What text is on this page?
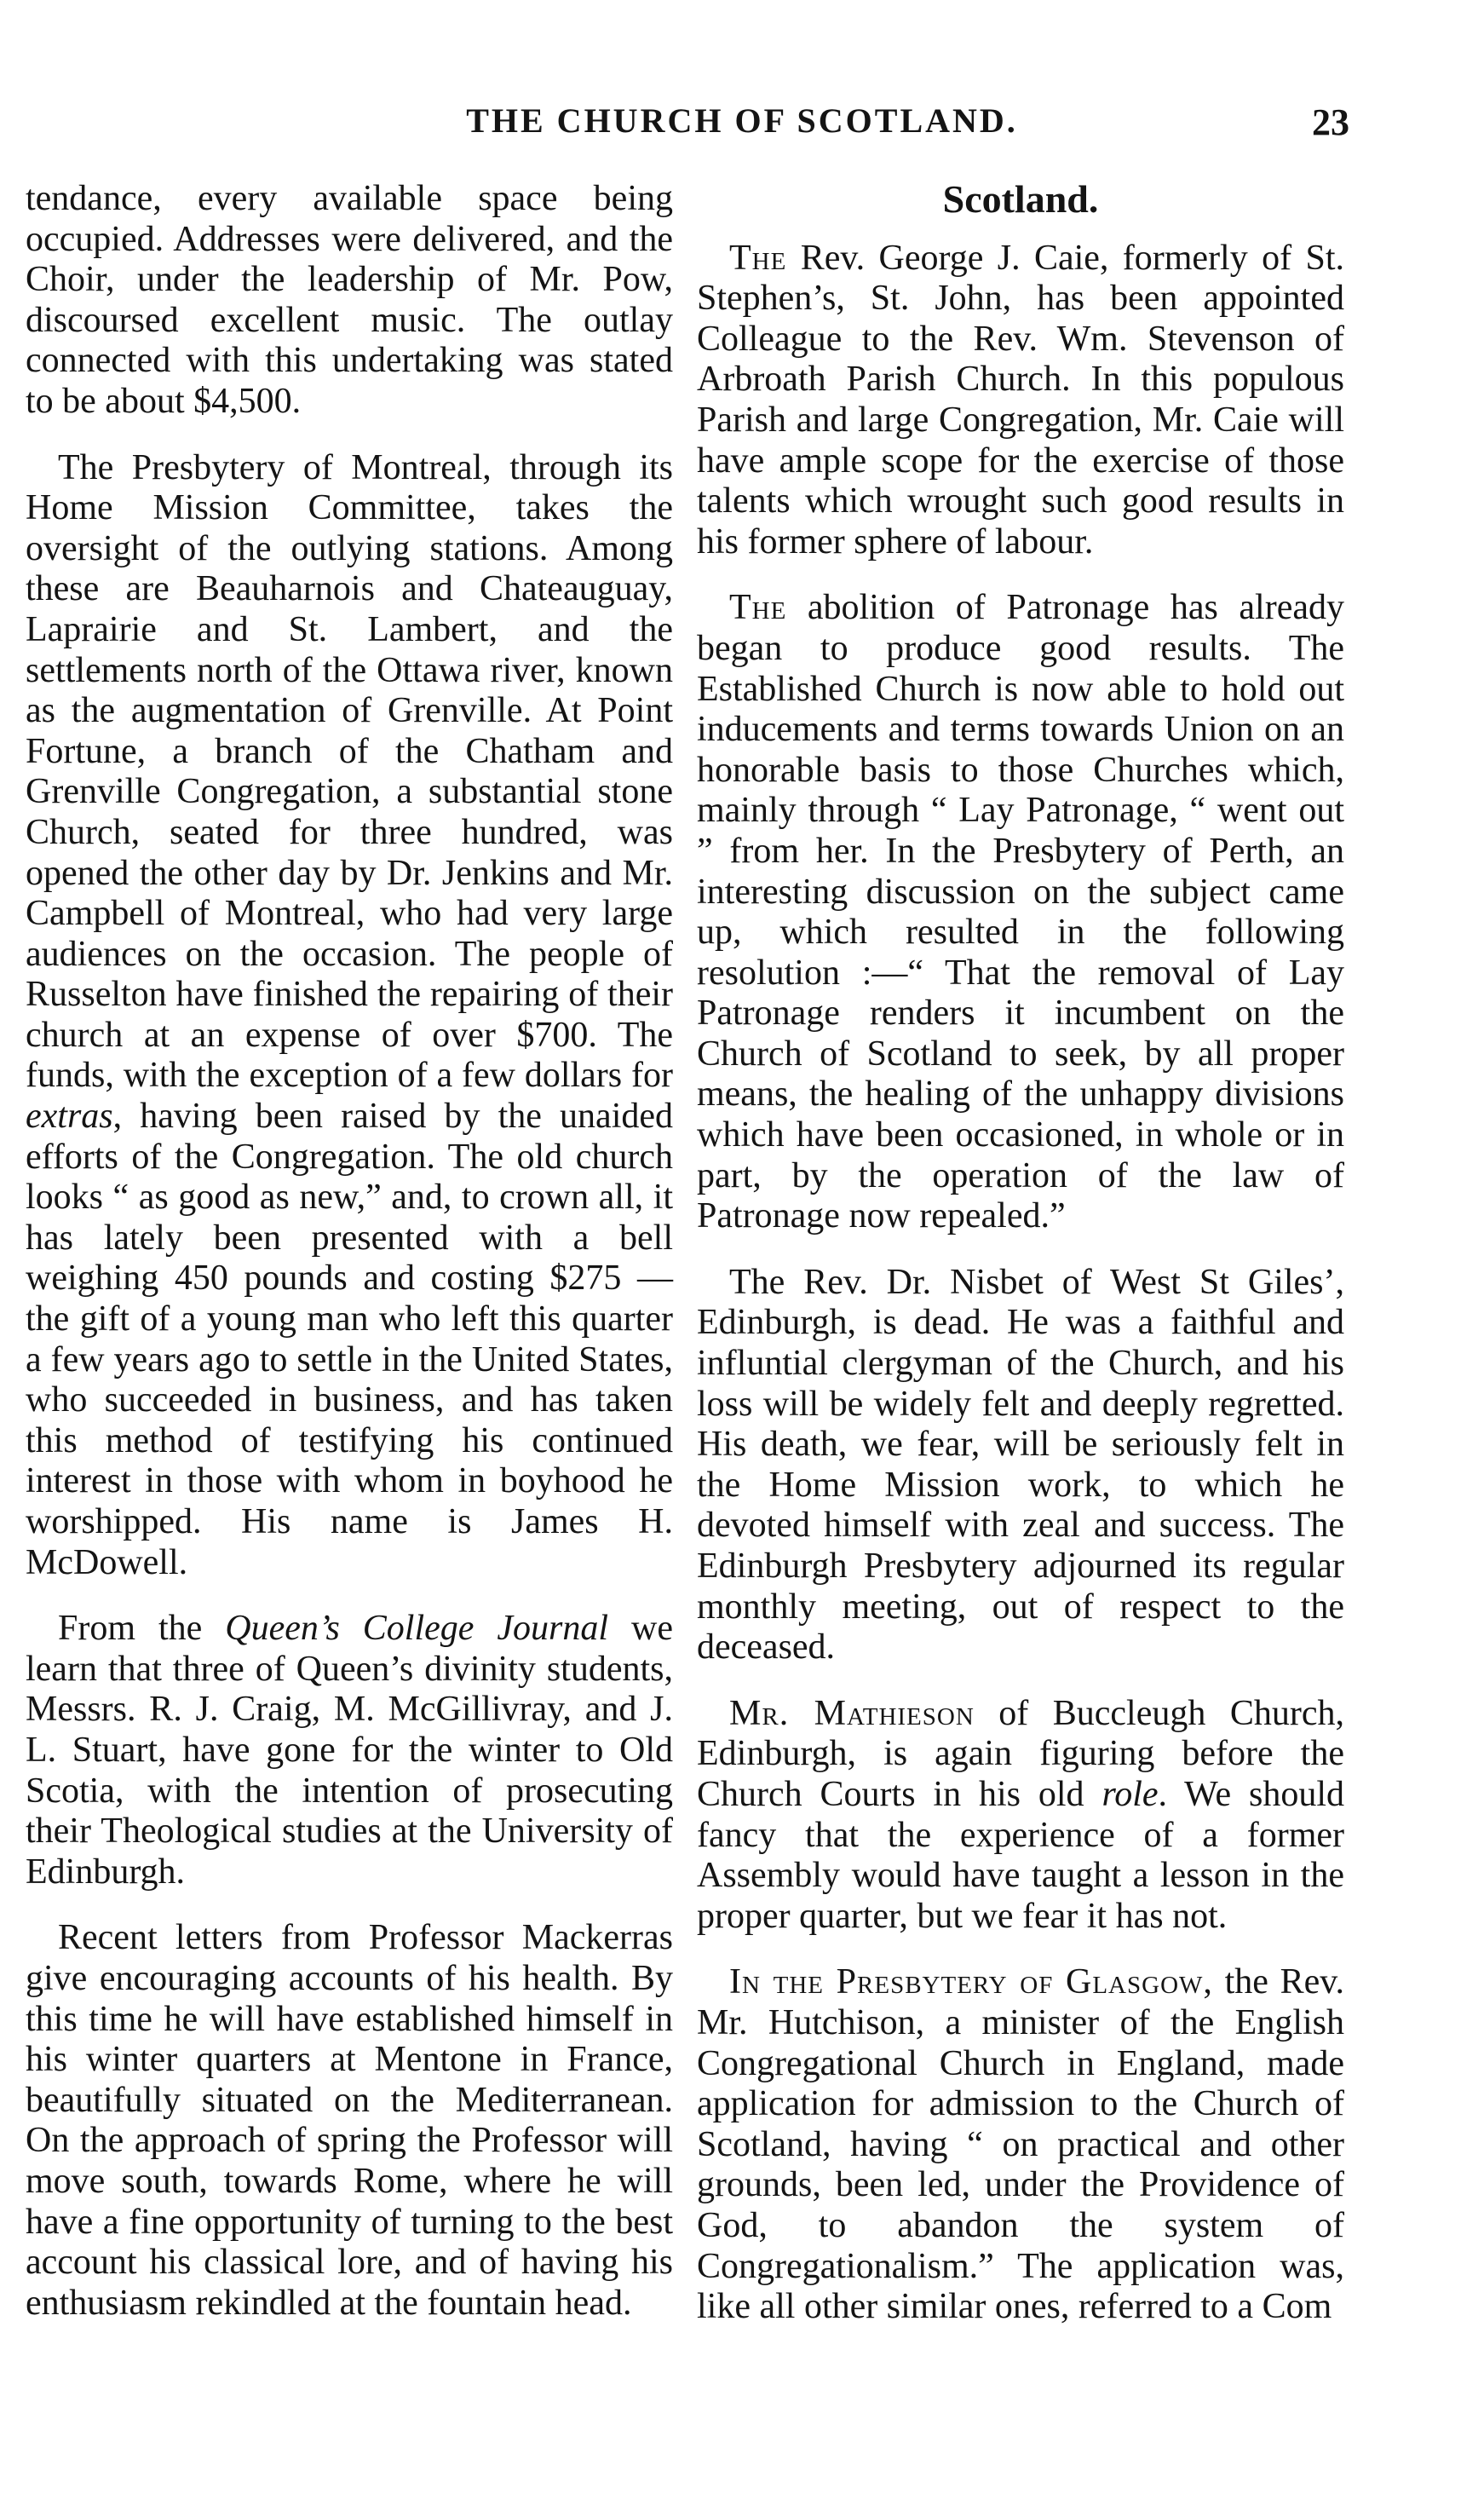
THE CHURCH OF SCOTLAND.	23

tendance, every available space being occupied. Addresses were delivered, and the Choir, under the leadership of Mr. Pow, discoursed excellent music. The outlay connected with this undertaking was stated to be about $4,500.

The Presbytery of Montreal, through its Home Mission Committee, takes the oversight of the outlying stations. Among these are Beauharnois and Chateauguay, Laprairie and St. Lambert, and the settlements north of the Ottawa river, known as the augmentation of Grenville. At Point Fortune, a branch of the Chatham and Grenville Congregation, a substantial stone Church, seated for three hundred, was opened the other day by Dr. Jenkins and Mr. Campbell of Montreal, who had very large audiences on the occasion. The people of Russelton have finished the repairing of their church at an expense of over $700. The funds, with the exception of a few dollars for extras, having been raised by the unaided efforts of the Congregation. The old church looks “ as good as new,” and, to crown all, it has lately been presented with a bell weighing 450 pounds and costing $275 —the gift of a young man who left this quarter a few years ago to settle in the United States, who succeeded in business, and has taken this method of testifying his continued interest in those with whom in boyhood he worshipped. His name is James H. McDowell.

From the Queen’s College Journal we learn that three of Queen’s divinity students, Messrs. R. J. Craig, M. McGillivray, and J. L. Stuart, have gone for the winter to Old Scotia, with the intention of prosecuting their Theological studies at the University of Edinburgh.

Recent letters from Professor Mackerras give encouraging accounts of his health. By this time he will have established himself in his winter quarters at Mentone in France, beautifully situated on the Mediterranean. On the approach of spring the Professor will move south, towards Rome, where he will have a fine opportunity of turning to the best account his classical lore, and of having his enthusiasm rekindled at the fountain head.

Scotland.

The Rev. George J. Caie, formerly of St. Stephen’s, St. John, has been appointed Colleague to the Rev. Wm. Stevenson of Arbroath Parish Church. In this populous Parish and large Congregation, Mr. Caie will have ample scope for the exercise of those talents which wrought such good results in his former sphere of labour.

The abolition of Patronage has already began to produce good results. The Established Church is now able to hold out inducements and terms towards Union on an honorable basis to those Churches which, mainly through “ Lay Patronage, “ went out ” from her. In the Presbytery of Perth, an interesting discussion on the subject came up, which resulted in the following resolution :—“ That the removal of Lay Patronage renders it incumbent on the Church of Scotland to seek, by all proper means, the healing of the unhappy divisions which have been occasioned, in whole or in part, by the operation of the law of Patronage now repealed.”

The Rev. Dr. Nisbet of West St Giles’, Edinburgh, is dead. He was a faithful and influntial clergyman of the Church, and his loss will be widely felt and deeply regretted. His death, we fear, will be seriously felt in the Home Mission work, to which he devoted himself with zeal and success. The Edinburgh Presbytery adjourned its regular monthly meeting, out of respect to the deceased.

Mr. Mathieson of Buccleugh Church, Edinburgh, is again figuring before the Church Courts in his old role. We should fancy that the experience of a former Assembly would have taught a lesson in the proper quarter, but we fear it has not.

In the Presbytery of Glasgow, the Rev. Mr. Hutchison, a minister of the English Congregational Church in England, made application for admission to the Church of Scotland, having “ on practical and other grounds, been led, under the Providence of God, to abandon the system of Congregationalism.” The application was, like all other similar ones, referred to a Com
